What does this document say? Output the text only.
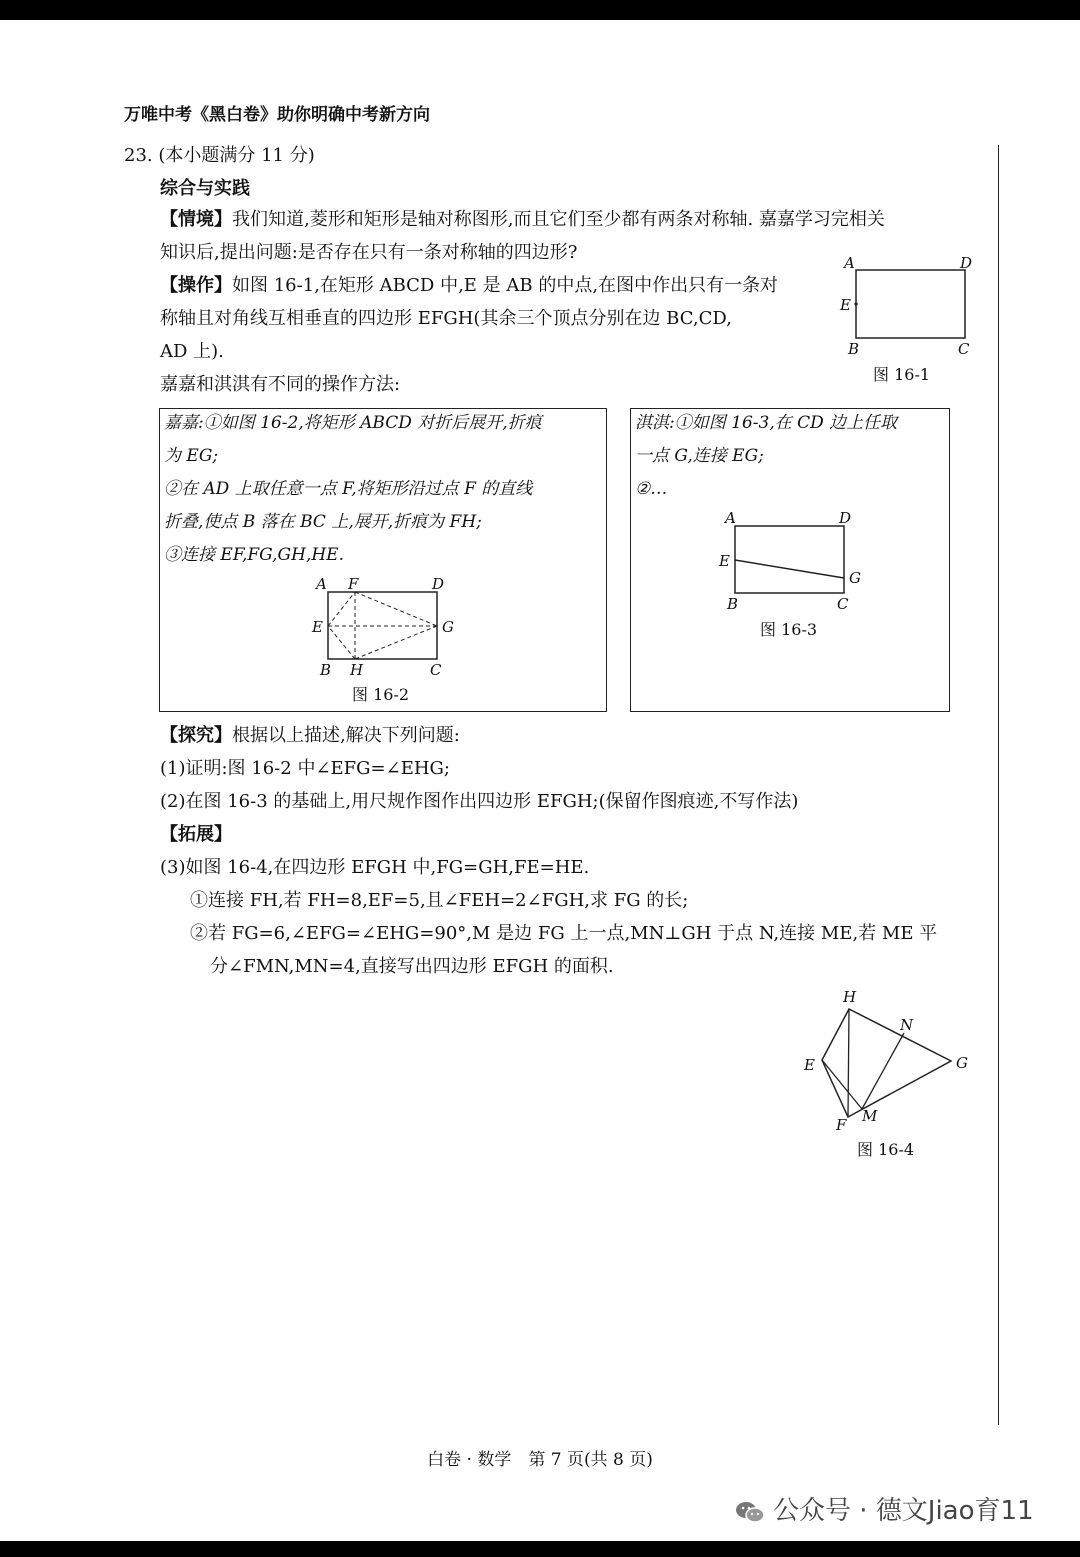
万唯中考《黑白卷》助你明确中考新方向
23. (本小题满分 11 分)
综合与实践
【情境】我们知道,菱形和矩形是轴对称图形,而且它们至少都有两条对称轴. 嘉嘉学习完相关
知识后,提出问题:是否存在只有一条对称轴的四边形?
【操作】如图 16-1,在矩形 ABCD 中,E 是 AB 的中点,在图中作出只有一条对
称轴且对角线互相垂直的四边形 EFGH(其余三个顶点分别在边 BC,CD,
AD 上).
嘉嘉和淇淇有不同的操作方法:
A	D
E
B	C
图 16-1
嘉嘉:①如图 16-2,将矩形 ABCD 对折后展开,折痕
为 EG;
②在 AD 上取任意一点 F,将矩形沿过点 F 的直线
折叠,使点 B 落在 BC 上,展开,折痕为 FH;
③连接 EF,FG,GH,HE.
A F	D
E	G
B H	C
图 16-2
淇淇:①如图 16-3,在 CD 边上任取
一点 G,连接 EG;
②…
A	D
E
G
B	C
图 16-3
【探究】根据以上描述,解决下列问题:
(1)证明:图 16-2 中∠EFG=∠EHG;
(2)在图 16-3 的基础上,用尺规作图作出四边形 EFGH;(保留作图痕迹,不写作法)
【拓展】
(3)如图 16-4,在四边形 EFGH 中,FG=GH,FE=HE.
①连接 FH,若 FH=8,EF=5,且∠FEH=2∠FGH,求 FG 的长;
②若 FG=6,∠EFG=∠EHG=90°,M 是边 FG 上一点,MN⊥GH 于点 N,连接 ME,若 ME 平
分∠FMN,MN=4,直接写出四边形 EFGH 的面积.
H
N
E	G
F M
图 16-4
白卷 · 数学　第 7 页(共 8 页)
公众号 · 德文Jiao育11
